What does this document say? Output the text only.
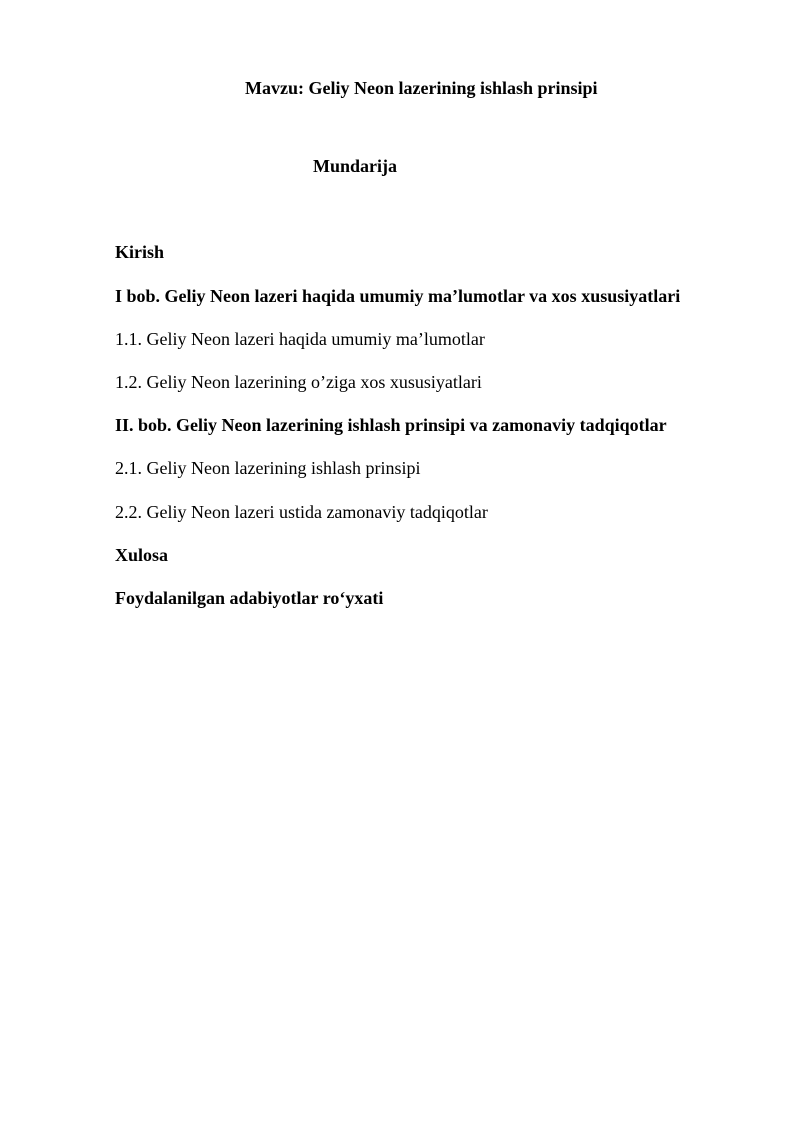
Mavzu: Geliy Neon lazerining ishlash prinsipi
Mundarija
Kirish
I bob. Geliy Neon lazeri haqida umumiy ma’lumotlar va xos xususiyatlari
1.1. Geliy Neon lazeri haqida umumiy ma’lumotlar
1.2. Geliy Neon lazerining o’ziga xos xususiyatlari
II. bob. Geliy Neon lazerining ishlash prinsipi va zamonaviy tadqiqotlar
2.1. Geliy Neon lazerining ishlash prinsipi
2.2. Geliy Neon lazeri ustida zamonaviy tadqiqotlar
Xulosa
Foydalanilgan adabiyotlar ro‘yxati
